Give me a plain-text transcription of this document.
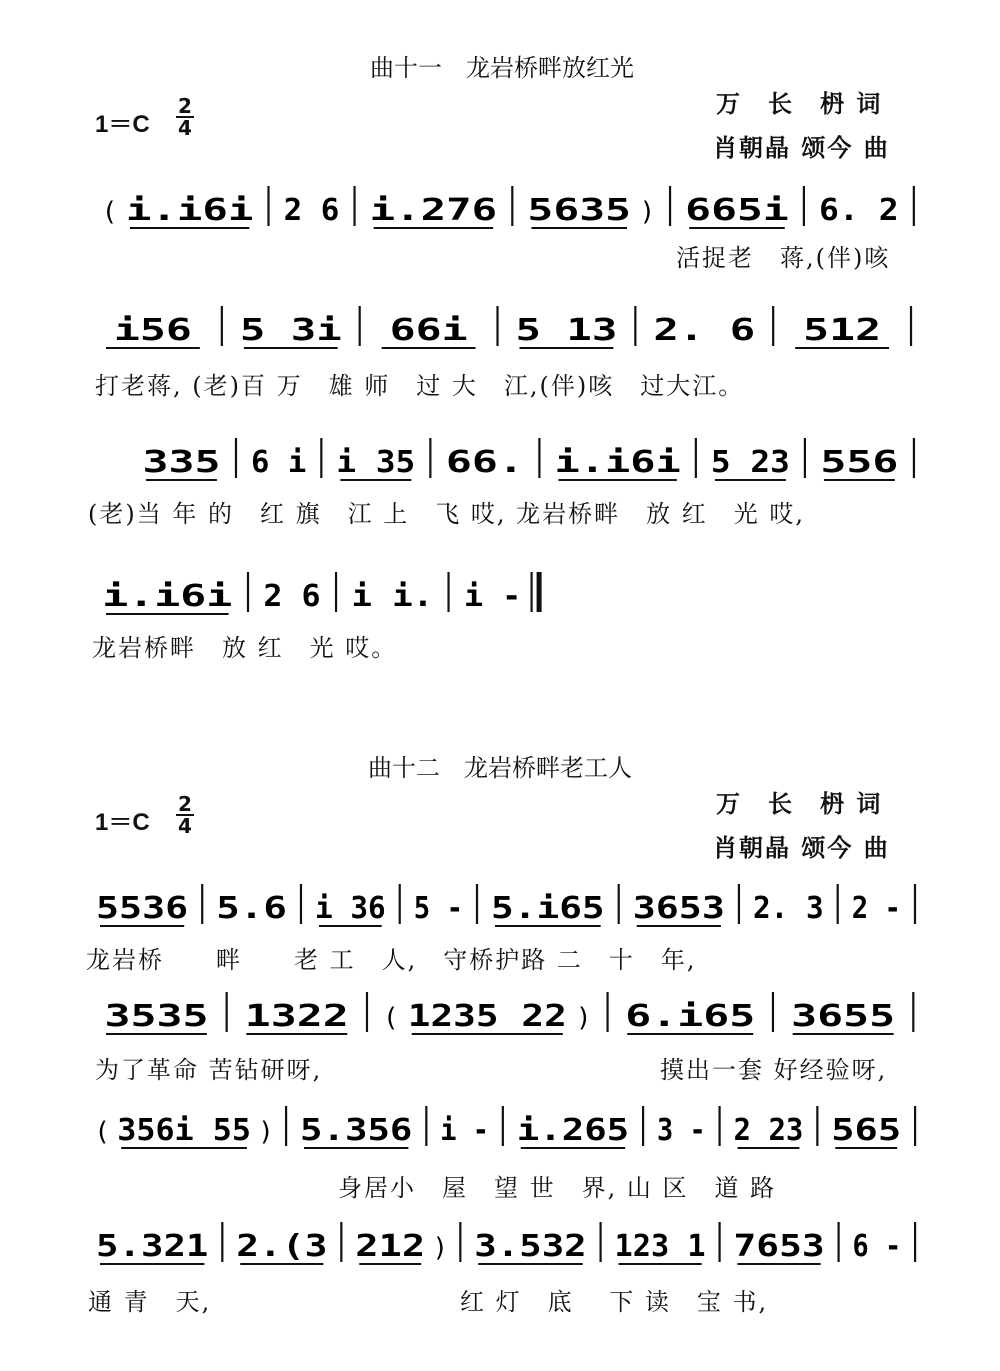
曲十一　龙岩桥畔放红光
1＝C
2
4
万　长　枬 词
肖朝晶 颂今 曲
曲十二　龙岩桥畔老工人
1＝C
2
4
万　长　枬 词
肖朝晶 颂今 曲
活捉老　蒋,(伴)咳
打老蒋, (老)百 万　雄 师　过 大　江,(伴)咳　过大江。
(老)当 年 的　红 旗　江 上　飞 哎, 龙岩桥畔　放 红　光 哎,
龙岩桥畔　放 红　光 哎。
龙岩桥　　畔　　老 工　人,　守桥护路 二　十　年,
为了革命 苦钻研呀,	摸出一套 好经验呀,
身居小　屋　望 世　界, 山 区　道 路
通 青　天,	红 灯　底　 下 读　宝 书,
( i.i6i 2 6 i.276 5635 ) 665i 6. 2
i56 5 3i 66i 5 13 2. 6 512
335 6 i i 35 66. i.i6i 5 23 556
i.i6i 2 6 i i. i -
5536 5.6 i 36 5 - 5.i65 3653 2. 3 2 -
3535 1322 ( 1235 22 ) 6.i65 3655
( 356i 55 ) 5.356 i - i.265 3 - 2 23 565
5.321 2.(3 212 ) 3.532 123 1 7653 6 -
